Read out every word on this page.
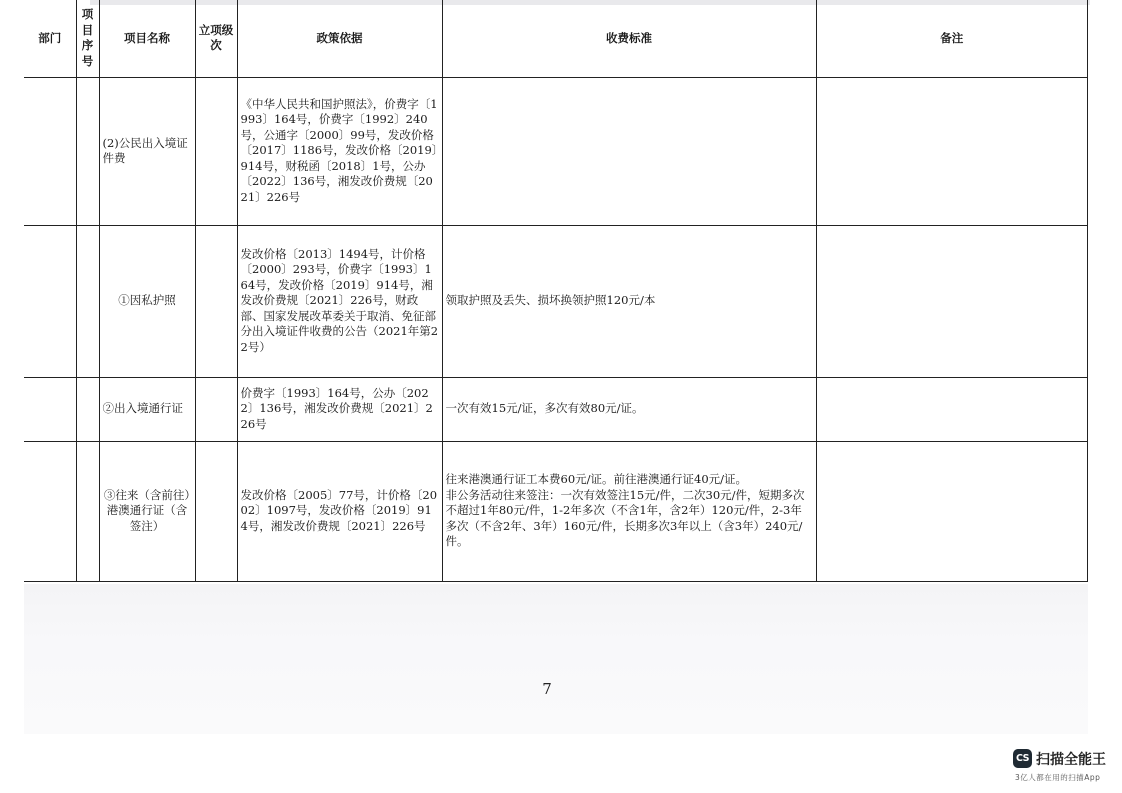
部门	项目序号	项目名称	立项级次	政策依据	收费标准	备注
		(2)公民出入境证件费		《中华人民共和国护照法》，价费字〔1993〕164号，价费字〔1992〕240号，公通字〔2000〕99号，发改价格〔2017〕1186号，发改价格〔2019〕914号，财税函〔2018〕1号，公办〔2022〕136号，湘发改价费规〔2021〕226号		
		①因私护照		发改价格〔2013〕1494号，计价格〔2000〕293号，价费字〔1993〕164号，发改价格〔2019〕914号，湘发改价费规〔2021〕226号，财政部、国家发展改革委关于取消、免征部分出入境证件收费的公告（2021年第22号）	领取护照及丢失、损坏换领护照120元/本	
		②出入境通行证		价费字〔1993〕164号，公办〔2022〕136号，湘发改价费规〔2021〕226号	一次有效15元/证，多次有效80元/证。	
		③往来（含前往）港澳通行证（含签注）		发改价格〔2005〕77号，计价格〔2002〕1097号，发改价格〔2019〕914号，湘发改价费规〔2021〕226号	往来港澳通行证工本费60元/证。前往港澳通行证40元/证。
非公务活动往来签注：一次有效签注15元/件，二次30元/件，短期多次不超过1年80元/件，1-2年多次（不含1年，含2年）120元/件，2-3年多次（不含2年、3年）160元/件，长期多次3年以上（含3年）240元/件。	

7
CS 扫描全能王
3亿人都在用的扫描App
